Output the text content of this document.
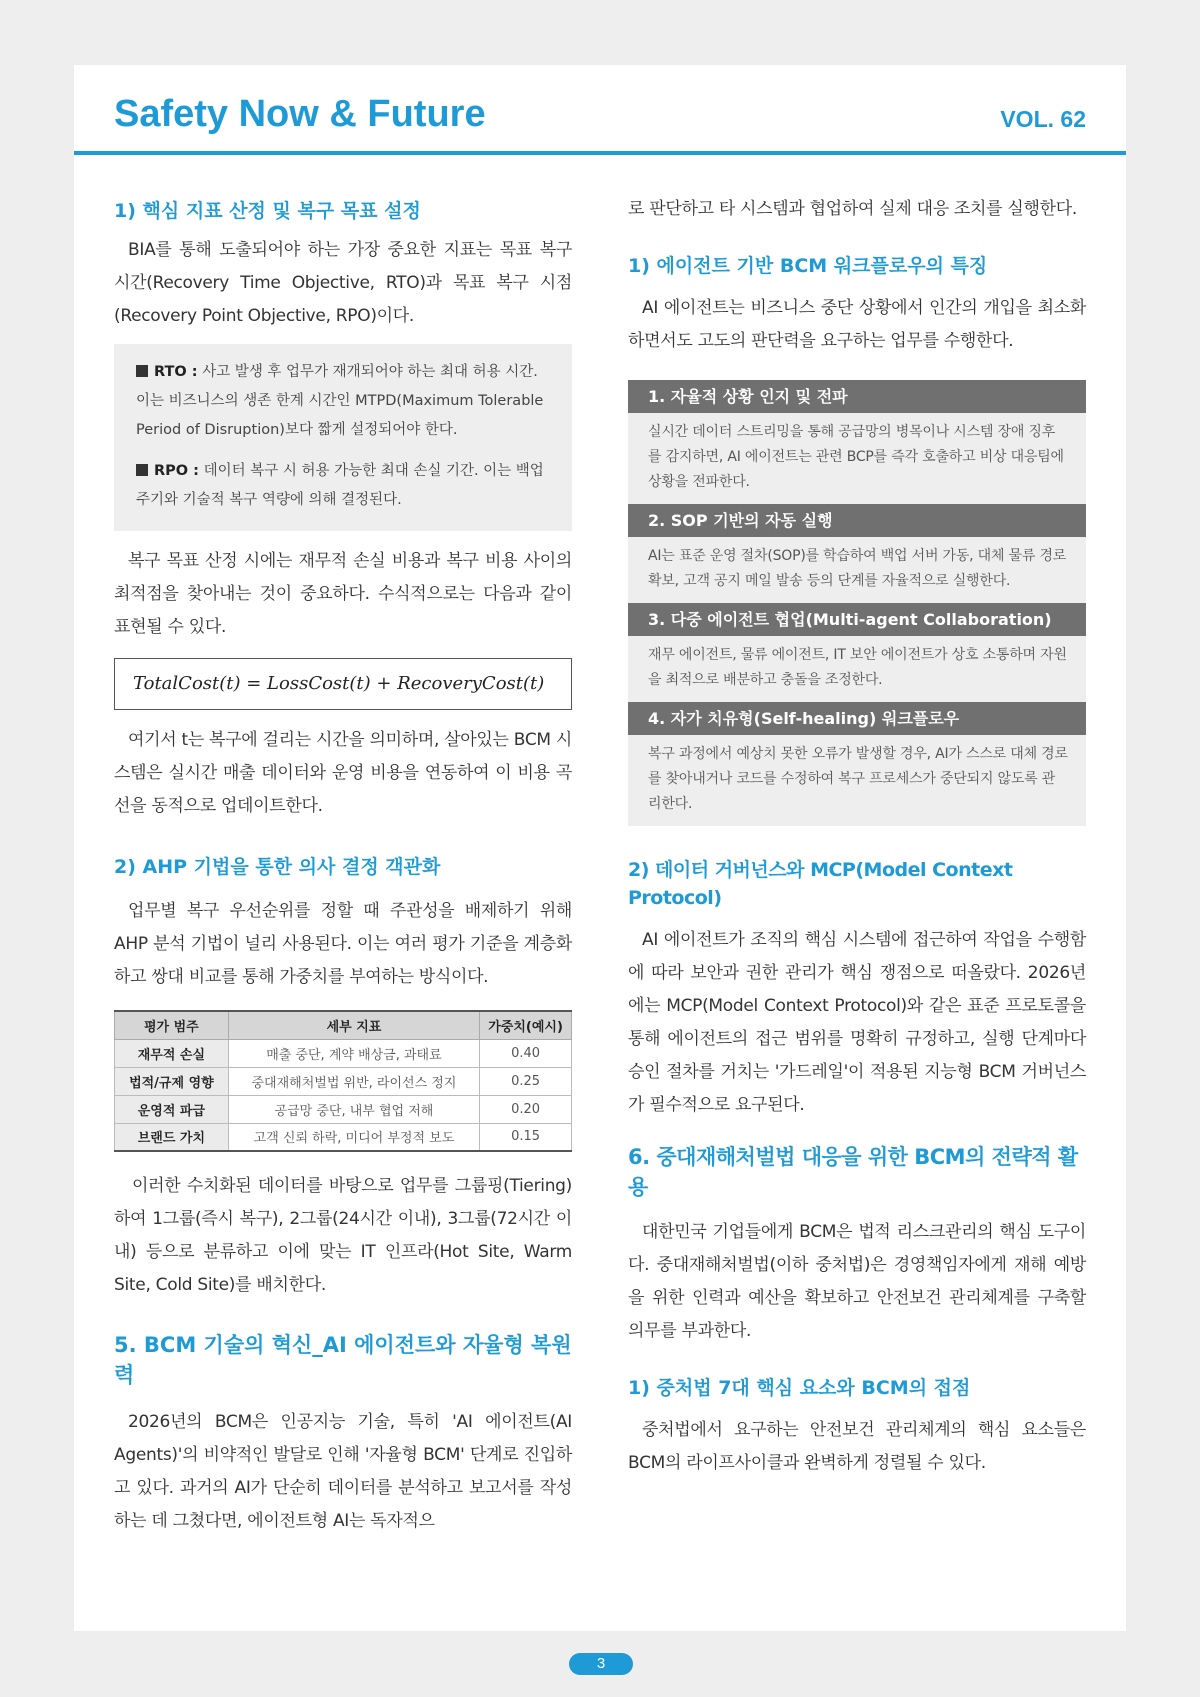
Safety Now & Future	VOL. 62
1) 핵심 지표 산정 및 복구 목표 설정

BIA를 통해 도출되어야 하는 가장 중요한 지표는 목표 복구 시간(Recovery Time Objective, RTO)과 목표 복구 시점(Recovery Point Objective, RPO)이다.

RTO : 사고 발생 후 업무가 재개되어야 하는 최대 허용 시간. 이는 비즈니스의 생존 한계 시간인 MTPD(Maximum Tolerable Period of Disruption)보다 짧게 설정되어야 한다.
RPO : 데이터 복구 시 허용 가능한 최대 손실 기간. 이는 백업 주기와 기술적 복구 역량에 의해 결정된다.

복구 목표 산정 시에는 재무적 손실 비용과 복구 비용 사이의 최적점을 찾아내는 것이 중요하다. 수식적으로는 다음과 같이 표현될 수 있다.

TotalCost(t) = LossCost(t) + RecoveryCost(t)

여기서 t는 복구에 걸리는 시간을 의미하며, 살아있는 BCM 시스템은 실시간 매출 데이터와 운영 비용을 연동하여 이 비용 곡선을 동적으로 업데이트한다.

2) AHP 기법을 통한 의사 결정 객관화

업무별 복구 우선순위를 정할 때 주관성을 배제하기 위해 AHP 분석 기법이 널리 사용된다. 이는 여러 평가 기준을 계층화하고 쌍대 비교를 통해 가중치를 부여하는 방식이다.

평가 범주	세부 지표	가중치(예시)
재무적 손실	매출 중단, 계약 배상금, 과태료	0.40
법적/규제 영향	중대재해처벌법 위반, 라이선스 정지	0.25
운영적 파급	공급망 중단, 내부 협업 저해	0.20
브랜드 가치	고객 신뢰 하락, 미디어 부정적 보도	0.15

이러한 수치화된 데이터를 바탕으로 업무를 그룹핑(Tiering)하여 1그룹(즉시 복구), 2그룹(24시간 이내), 3그룹(72시간 이내) 등으로 분류하고 이에 맞는 IT 인프라(Hot Site, Warm Site, Cold Site)를 배치한다.

5. BCM 기술의 혁신_AI 에이전트와 자율형 복원력

2026년의 BCM은 인공지능 기술, 특히 'AI 에이전트(AI Agents)'의 비약적인 발달로 인해 '자율형 BCM' 단계로 진입하고 있다. 과거의 AI가 단순히 데이터를 분석하고 보고서를 작성하는 데 그쳤다면, 에이전트형 AI는 독자적으

로 판단하고 타 시스템과 협업하여 실제 대응 조치를 실행한다.

1) 에이전트 기반 BCM 워크플로우의 특징

AI 에이전트는 비즈니스 중단 상황에서 인간의 개입을 최소화하면서도 고도의 판단력을 요구하는 업무를 수행한다.

1. 자율적 상황 인지 및 전파
실시간 데이터 스트리밍을 통해 공급망의 병목이나 시스템 장애 징후를 감지하면, AI 에이전트는 관련 BCP를 즉각 호출하고 비상 대응팀에 상황을 전파한다.
2. SOP 기반의 자동 실행
AI는 표준 운영 절차(SOP)를 학습하여 백업 서버 가동, 대체 물류 경로 확보, 고객 공지 메일 발송 등의 단계를 자율적으로 실행한다.
3. 다중 에이전트 협업(Multi-agent Collaboration)
재무 에이전트, 물류 에이전트, IT 보안 에이전트가 상호 소통하며 자원을 최적으로 배분하고 충돌을 조정한다.
4. 자가 치유형(Self-healing) 워크플로우
복구 과정에서 예상치 못한 오류가 발생할 경우, AI가 스스로 대체 경로를 찾아내거나 코드를 수정하여 복구 프로세스가 중단되지 않도록 관리한다.
2) 데이터 거버넌스와 MCP(Model Context Protocol)

AI 에이전트가 조직의 핵심 시스템에 접근하여 작업을 수행함에 따라 보안과 권한 관리가 핵심 쟁점으로 떠올랐다. 2026년에는 MCP(Model Context Protocol)와 같은 표준 프로토콜을 통해 에이전트의 접근 범위를 명확히 규정하고, 실행 단계마다 승인 절차를 거치는 '가드레일'이 적용된 지능형 BCM 거버넌스가 필수적으로 요구된다.

6. 중대재해처벌법 대응을 위한 BCM의 전략적 활용

대한민국 기업들에게 BCM은 법적 리스크관리의 핵심 도구이다. 중대재해처벌법(이하 중처법)은 경영책임자에게 재해 예방을 위한 인력과 예산을 확보하고 안전보건 관리체계를 구축할 의무를 부과한다.

1) 중처법 7대 핵심 요소와 BCM의 접점

중처법에서 요구하는 안전보건 관리체계의 핵심 요소들은 BCM의 라이프사이클과 완벽하게 정렬될 수 있다.

3
